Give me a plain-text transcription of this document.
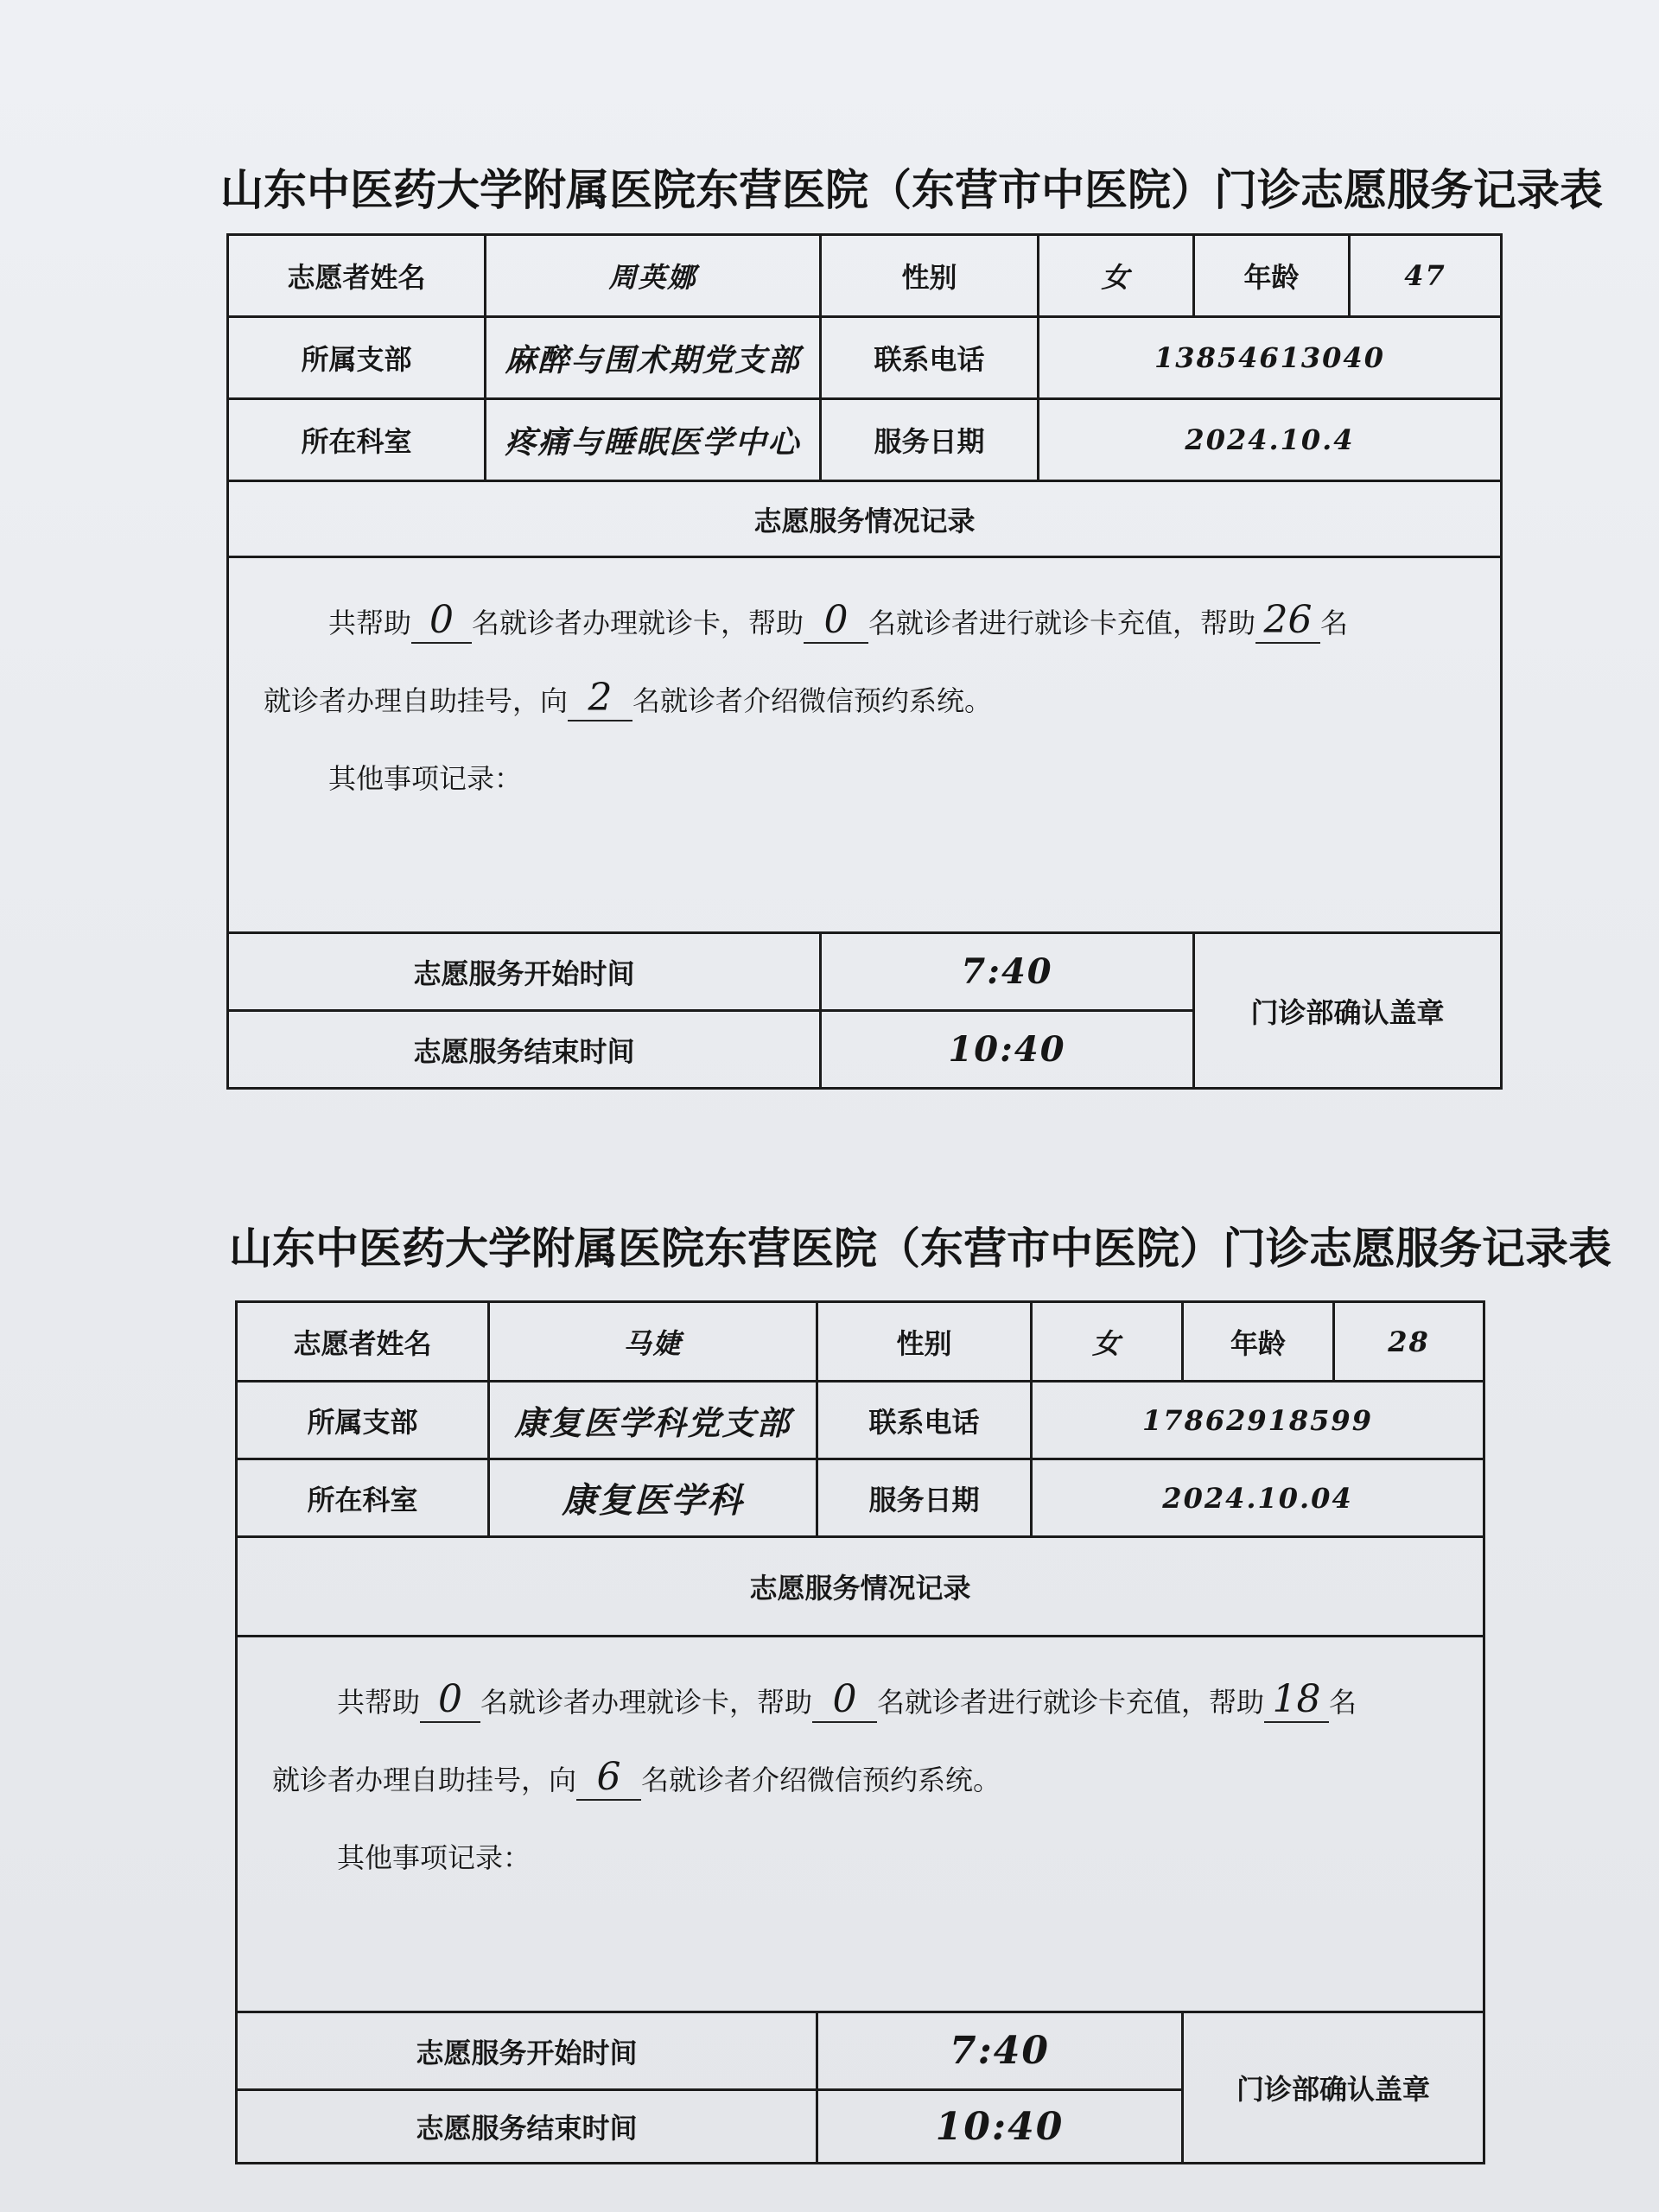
山东中医药大学附属医院东营医院（东营市中医院）门诊志愿服务记录表
志愿者姓名	周英娜	性别	女	年龄	47
所属支部	麻醉与围术期党支部	联系电话	13854613040		
所在科室	疼痛与睡眠医学中心	服务日期	2024.10.4		
志愿服务情况记录					

共帮助 0 名就诊者办理就诊卡，帮助 0 名就诊者进行就诊卡充值，帮助 26 名
就诊者办理自助挂号，向 2 名就诊者介绍微信预约系统。
其他事项记录：					

志愿服务开始时间		7:40		门诊部确认盖章	
志愿服务结束时间		10:40			
山东中医药大学附属医院东营医院（东营市中医院）门诊志愿服务记录表
志愿者姓名	马婕	性别	女	年龄	28
所属支部	康复医学科党支部	联系电话	17862918599		
所在科室	康复医学科	服务日期	2024.10.04		
志愿服务情况记录					

共帮助 0 名就诊者办理就诊卡，帮助 0 名就诊者进行就诊卡充值，帮助 18 名
就诊者办理自助挂号，向 6 名就诊者介绍微信预约系统。
其他事项记录：					

志愿服务开始时间		7:40		门诊部确认盖章	
志愿服务结束时间		10:40			
